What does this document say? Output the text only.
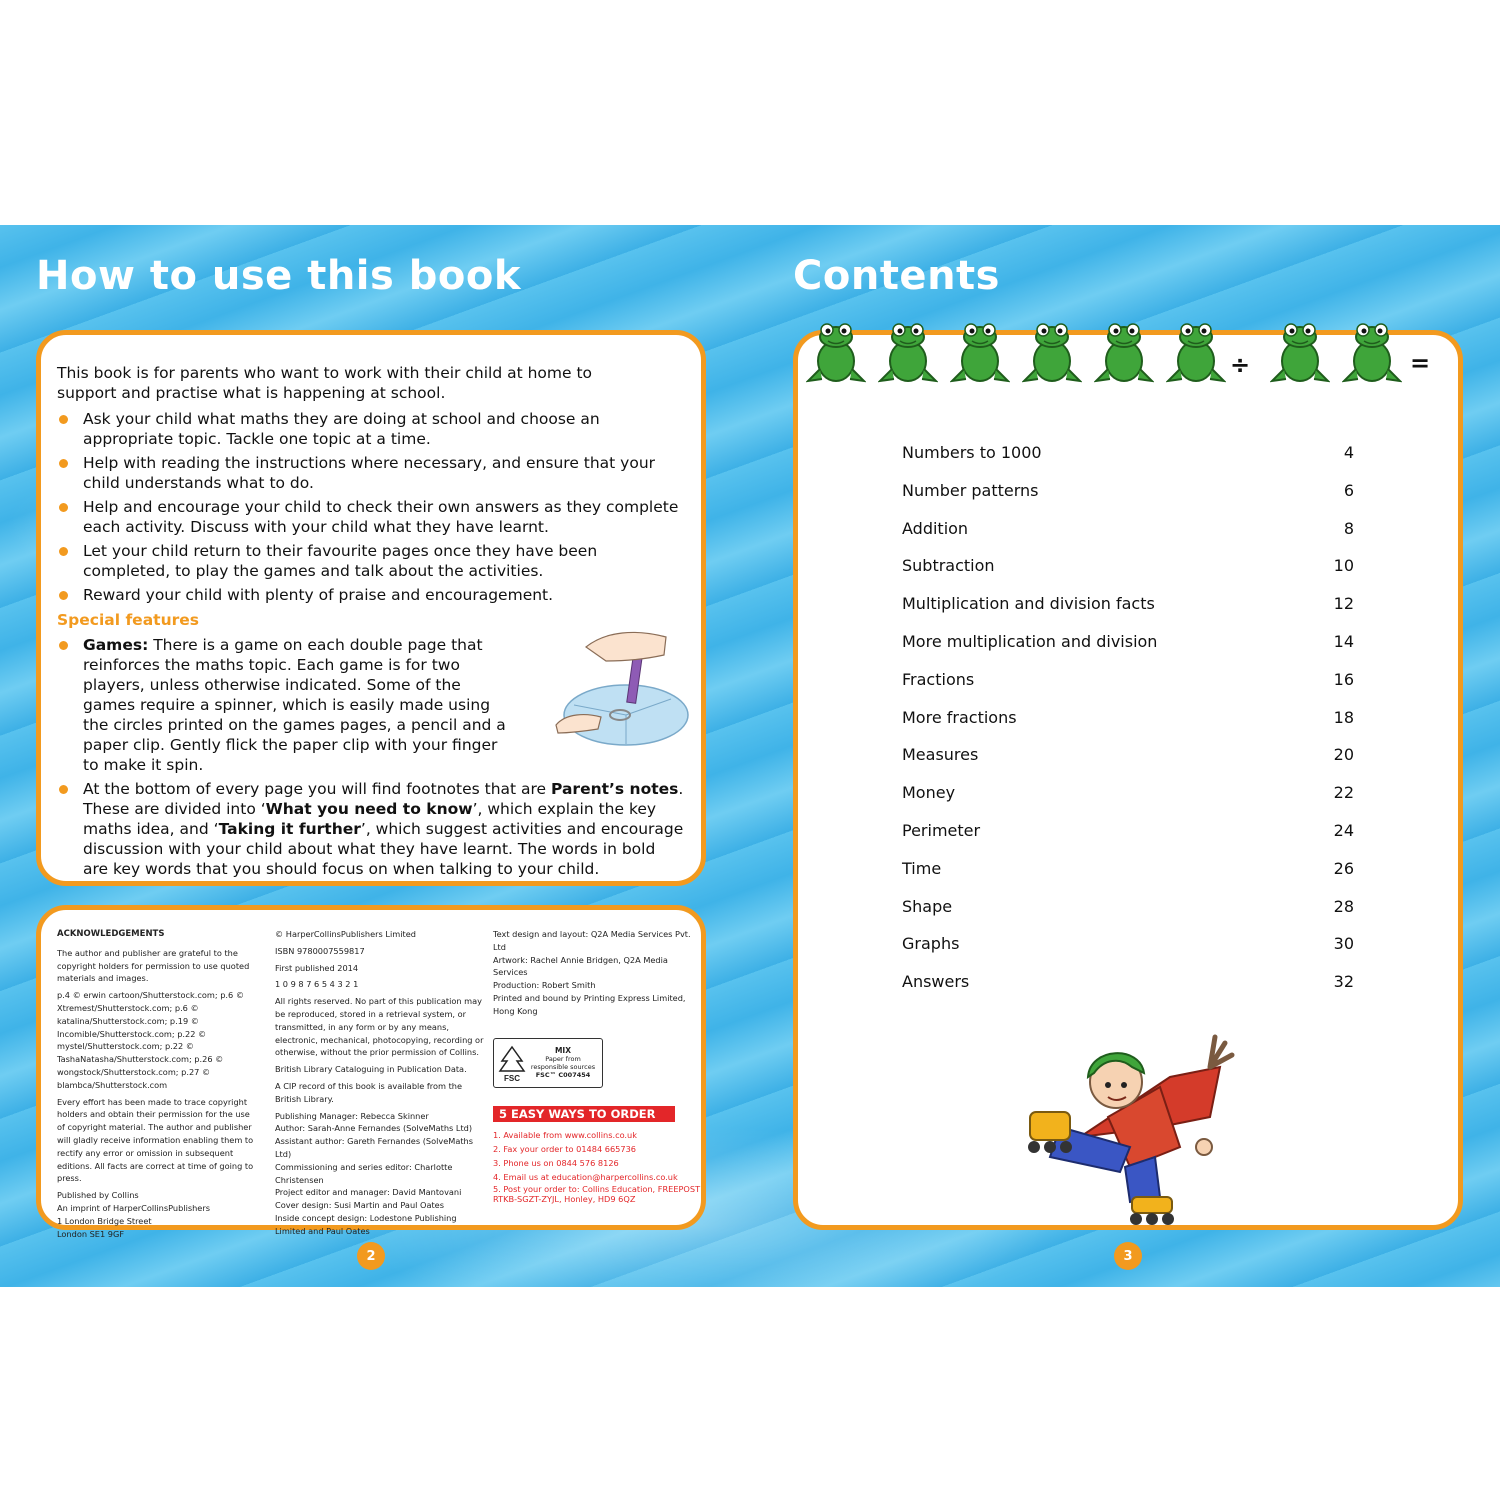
How to use this book

This book is for parents who want to work with their child at home to support and practise what is happening at school.

Ask your child what maths they are doing at school and choose an appropriate topic. Tackle one topic at a time.
Help with reading the instructions where necessary, and ensure that your child understands what to do.
Help and encourage your child to check their own answers as they complete each activity. Discuss with your child what they have learnt.
Let your child return to their favourite pages once they have been completed, to play the games and talk about the activities.
Reward your child with plenty of praise and encouragement.
Special features
Games: There is a game on each double page that reinforces the maths topic. Each game is for two players, unless otherwise indicated. Some of the games require a spinner, which is easily made using the circles printed on the games pages, a pencil and a paper clip. Gently flick the paper clip with your finger to make it spin.
At the bottom of every page you will find footnotes that are Parent’s notes. These are divided into ‘What you need to know’, which explain the key maths idea, and ‘Taking it further’, which suggest activities and encourage discussion with your child about what they have learnt. The words in bold are key words that you should focus on when talking to your child.
ACKNOWLEDGEMENTS

The author and publisher are grateful to the copyright holders for permission to use quoted materials and images.

p.4 © erwin cartoon/Shutterstock.com; p.6 © Xtremest/Shutterstock.com; p.6 © katalina/Shutterstock.com; p.19 © Incomible/Shutterstock.com; p.22 © mystel/Shutterstock.com; p.22 © TashaNatasha/Shutterstock.com; p.26 © wongstock/Shutterstock.com; p.27 © blambca/Shutterstock.com

Every effort has been made to trace copyright holders and obtain their permission for the use of copyright material. The author and publisher will gladly receive information enabling them to rectify any error or omission in subsequent editions. All facts are correct at time of going to press.

Published by Collins
An imprint of HarperCollinsPublishers
1 London Bridge Street
London SE1 9GF

© HarperCollinsPublishers Limited

ISBN 9780007559817

First published 2014

1 0 9 8 7 6 5 4 3 2 1

All rights reserved. No part of this publication may be reproduced, stored in a retrieval system, or transmitted, in any form or by any means, electronic, mechanical, photocopying, recording or otherwise, without the prior permission of Collins.

British Library Cataloguing in Publication Data.

A CIP record of this book is available from the British Library.

Publishing Manager: Rebecca Skinner
Author: Sarah-Anne Fernandes (SolveMaths Ltd)
Assistant author: Gareth Fernandes (SolveMaths Ltd)
Commissioning and series editor: Charlotte Christensen
Project editor and manager: David Mantovani
Cover design: Susi Martin and Paul Oates
Inside concept design: Lodestone Publishing Limited and Paul Oates

Text design and layout: Q2A Media Services Pvt. Ltd
Artwork: Rachel Annie Bridgen, Q2A Media Services
Production: Robert Smith
Printed and bound by Printing Express Limited, Hong Kong

FSC
MIX
Paper from responsible sources
FSC™ C007454
5 EASY WAYS TO ORDER
1. Available from www.collins.co.uk
2. Fax your order to 01484 665736
3. Phone us on 0844 576 8126
4. Email us at education@harpercollins.co.uk
5. Post your order to: Collins Education, FREEPOST RTKB-SGZT-ZYJL, Honley, HD9 6QZ
2
Contents
÷	=
Numbers to 1000	4
Number patterns	6
Addition	8
Subtraction	10
Multiplication and division facts	12
More multiplication and division	14
Fractions	16
More fractions	18
Measures	20
Money	22
Perimeter	24
Time	26
Shape	28
Graphs	30
Answers	32
3
